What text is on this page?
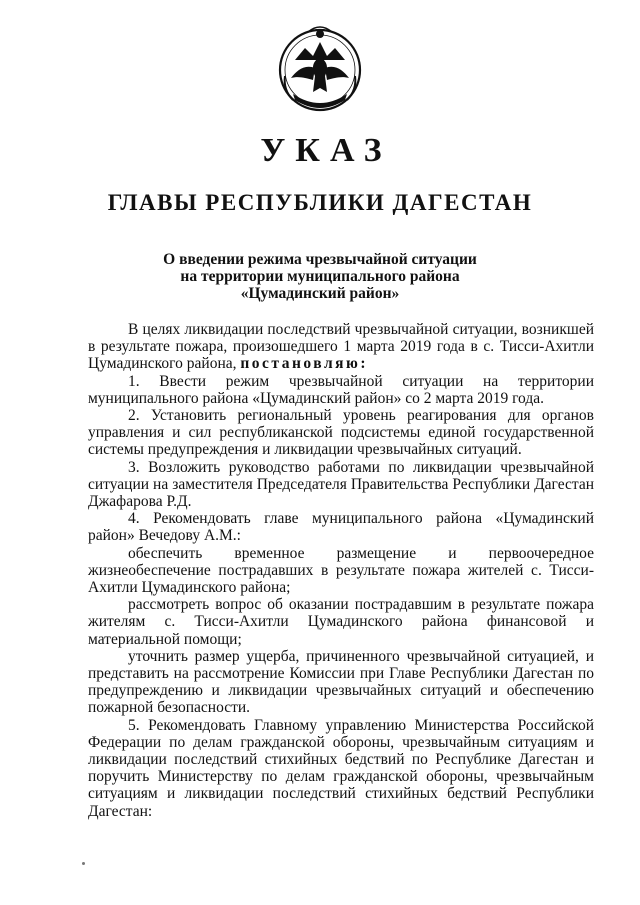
УКАЗ
ГЛАВЫ РЕСПУБЛИКИ ДАГЕСТАН
О введении режима чрезвычайной ситуации
на территории муниципального района
«Цумадинский район»

В целях ликвидации последствий чрезвычайной ситуации, возникшей в результате пожара, произошедшего 1 марта 2019 года в с. Тисси-Ахитли Цумадинского района, постановляю:

1. Ввести режим чрезвычайной ситуации на территории муниципального района «Цумадинский район» со 2 марта 2019 года.

2. Установить региональный уровень реагирования для органов управления и сил республиканской подсистемы единой государственной системы предупреждения и ликвидации чрезвычайных ситуаций.

3. Возложить руководство работами по ликвидации чрезвычайной ситуации на заместителя Председателя Правительства Республики Дагестан Джафарова Р.Д.

4. Рекомендовать главе муниципального района «Цумадинский район» Вечедову А.М.:

обеспечить временное размещение и первоочередное жизнеобеспечение пострадавших в результате пожара жителей с. Тисси-Ахитли Цумадинского района;

рассмотреть вопрос об оказании пострадавшим в результате пожара жителям с. Тисси-Ахитли Цумадинского района финансовой и материальной помощи;

уточнить размер ущерба, причиненного чрезвычайной ситуацией, и представить на рассмотрение Комиссии при Главе Республики Дагестан по предупреждению и ликвидации чрезвычайных ситуаций и обеспечению пожарной безопасности.

5. Рекомендовать Главному управлению Министерства Российской Федерации по делам гражданской обороны, чрезвычайным ситуациям и ликвидации последствий стихийных бедствий по Республике Дагестан и поручить Министерству по делам гражданской обороны, чрезвычайным ситуациям и ликвидации последствий стихийных бедствий Республики Дагестан:
